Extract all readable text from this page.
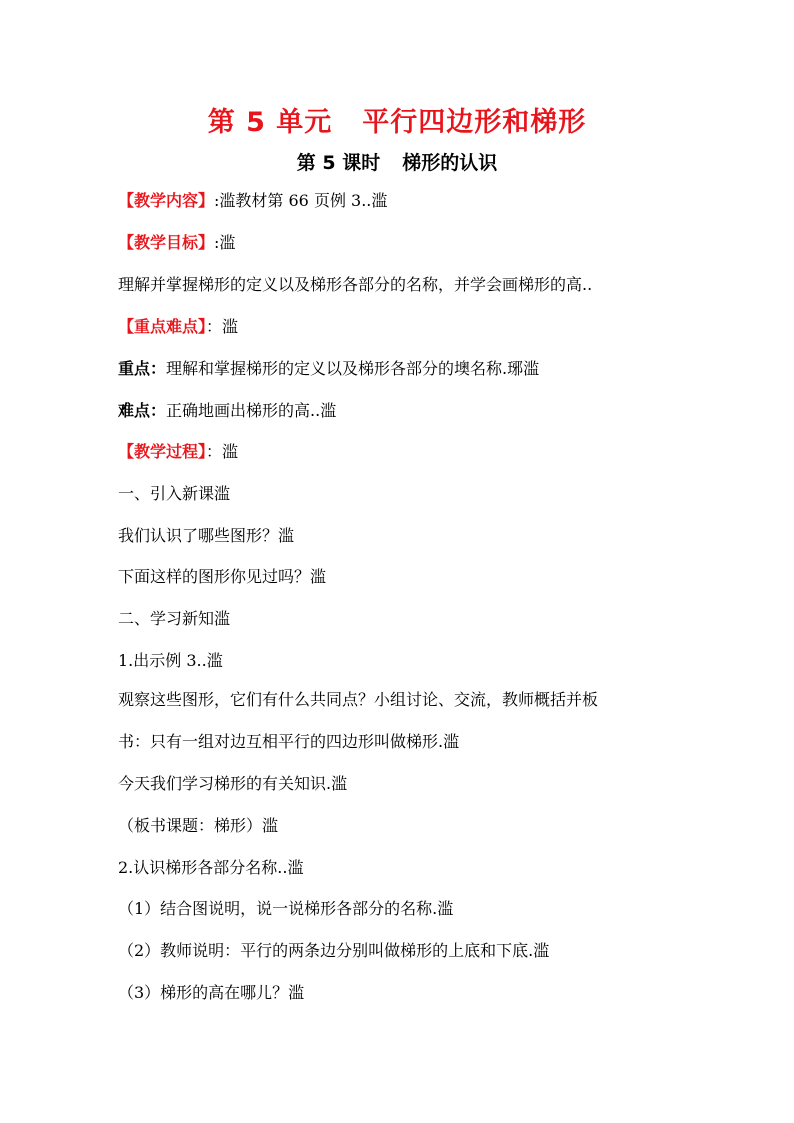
第 5 单元 平行四边形和梯形
第 5 课时 梯形的认识
【教学内容】:滥教材第 66 页例 3..滥
【教学目标】:滥
理解并掌握梯形的定义以及梯形各部分的名称，并学会画梯形的高..
【重点难点】：滥
重点：理解和掌握梯形的定义以及梯形各部分的墺名称.琊滥
难点：正确地画出梯形的高..滥
【教学过程】：滥
一、引入新课滥
我们认识了哪些图形？滥
下面这样的图形你见过吗？滥
二、学习新知滥
1.出示例 3..滥
观察这些图形，它们有什么共同点？小组讨论、交流，教师概括并板
书：只有一组对边互相平行的四边形叫做梯形.滥
今天我们学习梯形的有关知识.滥
（板书课题：梯形）滥
2.认识梯形各部分名称..滥
（1）结合图说明，说一说梯形各部分的名称.滥
（2）教师说明：平行的两条边分别叫做梯形的上底和下底.滥
（3）梯形的高在哪儿？滥
